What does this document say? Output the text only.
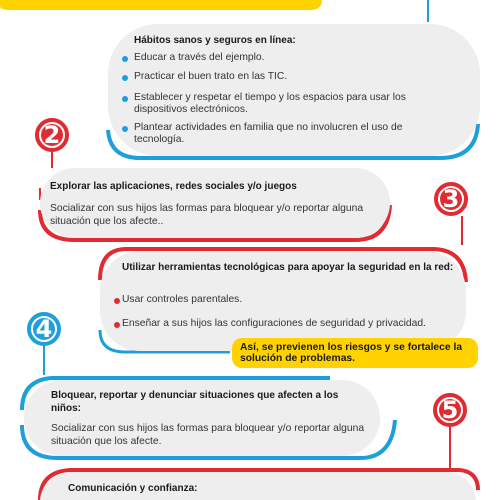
Hábitos sanos y seguros en línea:
Educar a través del ejemplo.
Practicar el buen trato en las TIC.
Establecer y respetar el tiempo y los espacios para usar los dispositivos electrónicos.
Plantear actividades en familia que no involucren el uso de tecnología.
2
Explorar las aplicaciones, redes sociales y/o juegos
Socializar con sus hijos las formas para bloquear y/o reportar alguna situación que los afecte..
3
Utilizar herramientas tecnológicas para apoyar la seguridad en la red:
Usar controles parentales.
Enseñar a sus hijos las configuraciones de seguridad y privacidad.
Así, se previenen los riesgos y se fortalece la solución de problemas.
4
Bloquear, reportar y denunciar situaciones que afecten a los niños:
Socializar con sus hijos las formas para bloquear y/o reportar alguna situación que los afecte.
5
Comunicación y confianza:
